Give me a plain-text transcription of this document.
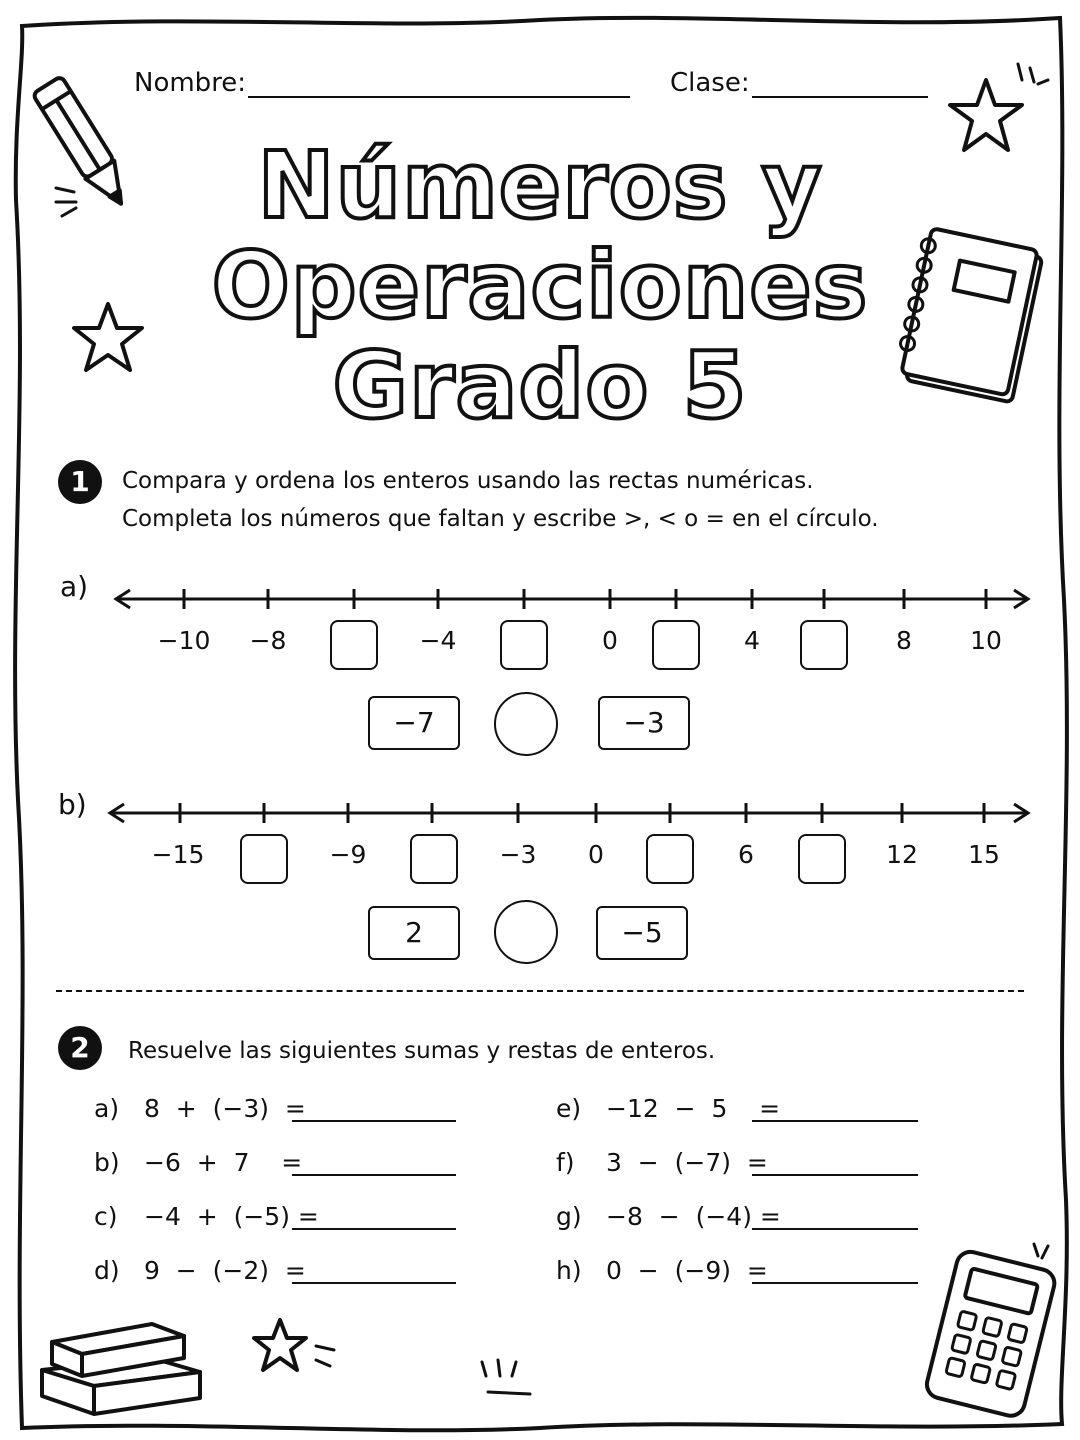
Nombre:	Clase:
Números y
Operaciones
Grado 5
1	Compara y ordena los enteros usando las rectas numéricas.
Completa los números que faltan y escribe >, < o = en el círculo.
a)
−10 −8	−4	0	4	8 10
−7	−3
b)
−15	−9	−3 0	6	12 15
2	−5
2	Resuelve las siguientes sumas y restas de enteros.
a) 8  +  (−3)  =
b) −6  +  7    =
c) −4  +  (−5) =
d) 9  −  (−2)  =
e) −12  −  5    =
f) 3  −  (−7)  =
g) −8  −  (−4) =
h) 0  −  (−9)  =
